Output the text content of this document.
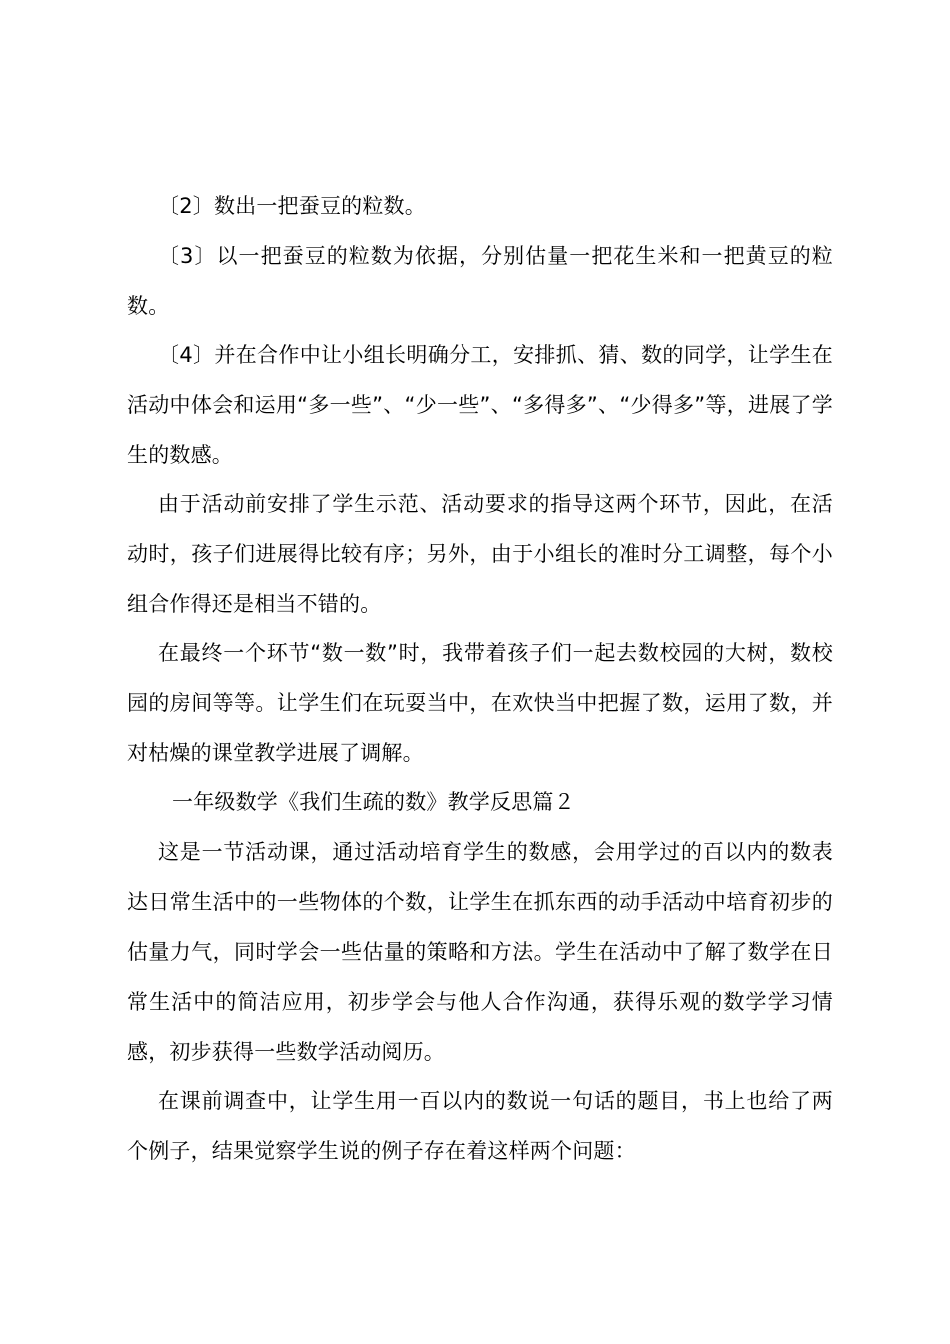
〔2〕数出一把蚕豆的粒数。

〔3〕以一把蚕豆的粒数为依据，分别估量一把花生米和一把黄豆的粒数。

〔4〕并在合作中让小组长明确分工，安排抓、猜、数的同学，让学生在活动中体会和运用“多一些”、“少一些”、“多得多”、“少得多”等，进展了学生的数感。

由于活动前安排了学生示范、活动要求的指导这两个环节，因此，在活动时，孩子们进展得比较有序；另外，由于小组长的准时分工调整，每个小组合作得还是相当不错的。

在最终一个环节“数一数”时，我带着孩子们一起去数校园的大树，数校园的房间等等。让学生们在玩耍当中，在欢快当中把握了数，运用了数，并对枯燥的课堂教学进展了调解。

一年级数学《我们生疏的数》教学反思篇２

这是一节活动课，通过活动培育学生的数感，会用学过的百以内的数表达日常生活中的一些物体的个数，让学生在抓东西的动手活动中培育初步的估量力气，同时学会一些估量的策略和方法。学生在活动中了解了数学在日常生活中的简洁应用，初步学会与他人合作沟通，获得乐观的数学学习情感，初步获得一些数学活动阅历。

在课前调查中，让学生用一百以内的数说一句话的题目，书上也给了两个例子，结果觉察学生说的例子存在着这样两个问题：
